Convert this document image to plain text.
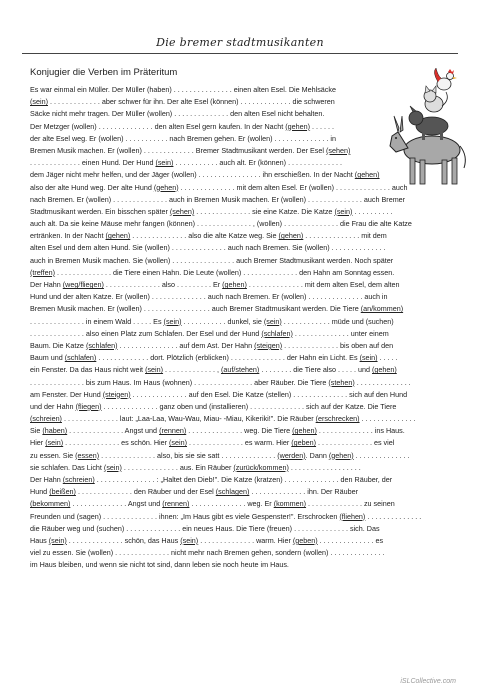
Die bremer stadtmusikanten
Konjugier die Verben im Präteritum
Es war einmal ein Müller. Der Müller (haben) . . . . . . . . . . . . . . . einen alten Esel. Die Mehlsäcke
(sein) . . . . . . . . . . . . . aber schwer für ihn. Der alte Esel (können) . . . . . . . . . . . . . die schweren
Säcke nicht mehr tragen. Der Müller (wollen) . . . . . . . . . . . . . . den alten Esel nicht behalten.
Der Metzger (wollen) . . . . . . . . . . . . . . den alten Esel gern kaufen. In der Nacht (gehen) . . . . . .
der alte Esel weg. Er (wollen) . . . . . . . . . . . nach Bremen gehen. Er (wollen) . . . . . . . . . . . . . . in
Bremen Musik machen. Er (wollen) . . . . . . . . . . . . . Bremer Stadtmusikant werden. Der Esel (sehen)
. . . . . . . . . . . . . einen Hund. Der Hund (sein) . . . . . . . . . . . auch alt. Er (können) . . . . . . . . . . . . . .
dem Jäger nicht mehr helfen, und der Jäger (wollen) . . . . . . . . . . . . . . . . ihn erschießen. In der Nacht (gehen)
also der alte Hund weg. Der alte Hund (gehen) . . . . . . . . . . . . . . mit dem alten Esel. Er (wollen) . . . . . . . . . . . . . . auch
nach Bremen. Er (wollen) . . . . . . . . . . . . . . auch in Bremen Musik machen. Er (wollen) . . . . . . . . . . . . . . auch Bremer
Stadtmusikant werden. Ein bisschen später (sehen) . . . . . . . . . . . . . . sie eine Katze. Die Katze (sein) . . . . . . . . . .
auch alt. Da sie keine Mäuse mehr fangen (können) . . . . . . . . . . . . . . , (wollen) . . . . . . . . . . . . . . die Frau die alte Katze
ertränken. In der Nacht (gehen) . . . . . . . . . . . . . . also die alte Katze weg. Sie (gehen) . . . . . . . . . . . . . . mit dem
alten Esel und dem alten Hund. Sie (wollen) . . . . . . . . . . . . . . auch nach Bremen. Sie (wollen) . . . . . . . . . . . . . .
auch in Bremen Musik machen. Sie (wollen) . . . . . . . . . . . . . . . . auch Bremer Stadtmusikant werden. Noch später
(treffen) . . . . . . . . . . . . . . die Tiere einen Hahn. Die Leute (wollen) . . . . . . . . . . . . . . den Hahn am Sonntag essen.
Der Hahn (weg/fliegen) . . . . . . . . . . . . . . also . . . . . . . . . Er (gehen) . . . . . . . . . . . . . . mit dem alten Esel, dem alten
Hund und der alten Katze. Er (wollen) . . . . . . . . . . . . . . auch nach Bremen. Er (wollen) . . . . . . . . . . . . . . auch in
Bremen Musik machen. Er (wollen) . . . . . . . . . . . . . . . . . auch Bremer Stadtmusikant werden. Die Tiere (an/kommen)
. . . . . . . . . . . . . . in einem Wald . . . . . Es (sein) . . . . . . . . . . . dunkel, sie (sein) . . . . . . . . . . . . müde und (suchen)
. . . . . . . . . . . . . . also einen Platz zum Schlafen. Der Esel und der Hund (schlafen) . . . . . . . . . . . . . . unter einem
Baum. Die Katze (schlafen) . . . . . . . . . . . . . . . auf dem Ast. Der Hahn (steigen) . . . . . . . . . . . . . . bis oben auf den
Baum und (schlafen) . . . . . . . . . . . . . dort. Plötzlich (erblicken) . . . . . . . . . . . . . . der Hahn ein Licht. Es (sein) . . . . .
ein Fenster. Da das Haus nicht weit (sein) . . . . . . . . . . . . . , (auf/stehen) . . . . . . . . die Tiere also . . . . . und (gehen)
. . . . . . . . . . . . . . bis zum Haus. Im Haus (wohnen) . . . . . . . . . . . . . . . aber Räuber. Die Tiere (stehen) . . . . . . . . . . . . . .
am Fenster. Der Hund (steigen) . . . . . . . . . . . . . . auf den Esel. Die Katze (stellen) . . . . . . . . . . . . . . sich auf den Hund
und der Hahn (fliegen) . . . . . . . . . . . . . . ganz oben und (installieren) . . . . . . . . . . . . . . sich auf der Katze. Die Tiere
(schreien) . . . . . . . . . . . . . . laut: „Laa-Laa, Wau-Wau, Miau- -Miau, Kikeriki!". Die Räuber (erschrecken) . . . . . . . . . . . . . .
Sie (haben) . . . . . . . . . . . . . . Angst und (rennen) . . . . . . . . . . . . . . weg. Die Tiere (gehen) . . . . . . . . . . . . . . ins Haus.
Hier (sein) . . . . . . . . . . . . . . es schön. Hier (sein) . . . . . . . . . . . . . . es warm. Hier (geben) . . . . . . . . . . . . . . es viel
zu essen. Sie (essen) . . . . . . . . . . . . . . also, bis sie sie satt . . . . . . . . . . . . . . (werden). Dann (gehen) . . . . . . . . . . . . . .
sie schlafen. Das Licht (sein) . . . . . . . . . . . . . . aus. Ein Räuber (zurück/kommen) . . . . . . . . . . . . . . . . . .
Der Hahn (schreien) . . . . . . . . . . . . . . . : „Haltet den Dieb!". Die Katze (kratzen) . . . . . . . . . . . . . . den Räuber, der
Hund (beißen) . . . . . . . . . . . . . . den Räuber und der Esel (schlagen) . . . . . . . . . . . . . . ihn. Der Räuber
(bekommen) . . . . . . . . . . . . . . Angst und (rennen) . . . . . . . . . . . . . . weg. Er (kommen) . . . . . . . . . . . . . . zu seinen
Freunden und (sagen) . . . . . . . . . . . . . . ihnen: „Im Haus gibt es viele Gespenster!". Erschrocken (fliehen) . . . . . . . . . . . . . .
die Räuber weg und (suchen) . . . . . . . . . . . . . . ein neues Haus. Die Tiere (freuen) . . . . . . . . . . . . . . sich. Das
Haus (sein) . . . . . . . . . . . . . . schön, das Haus (sein) . . . . . . . . . . . . . . warm. Hier (geben) . . . . . . . . . . . . . . es
viel zu essen. Sie (wollen) . . . . . . . . . . . . . . nicht mehr nach Bremen gehen, sondern (wollen) . . . . . . . . . . . . . .
im Haus bleiben, und wenn sie nicht tot sind, dann leben sie noch heute im Haus.
iSLCollective.com
